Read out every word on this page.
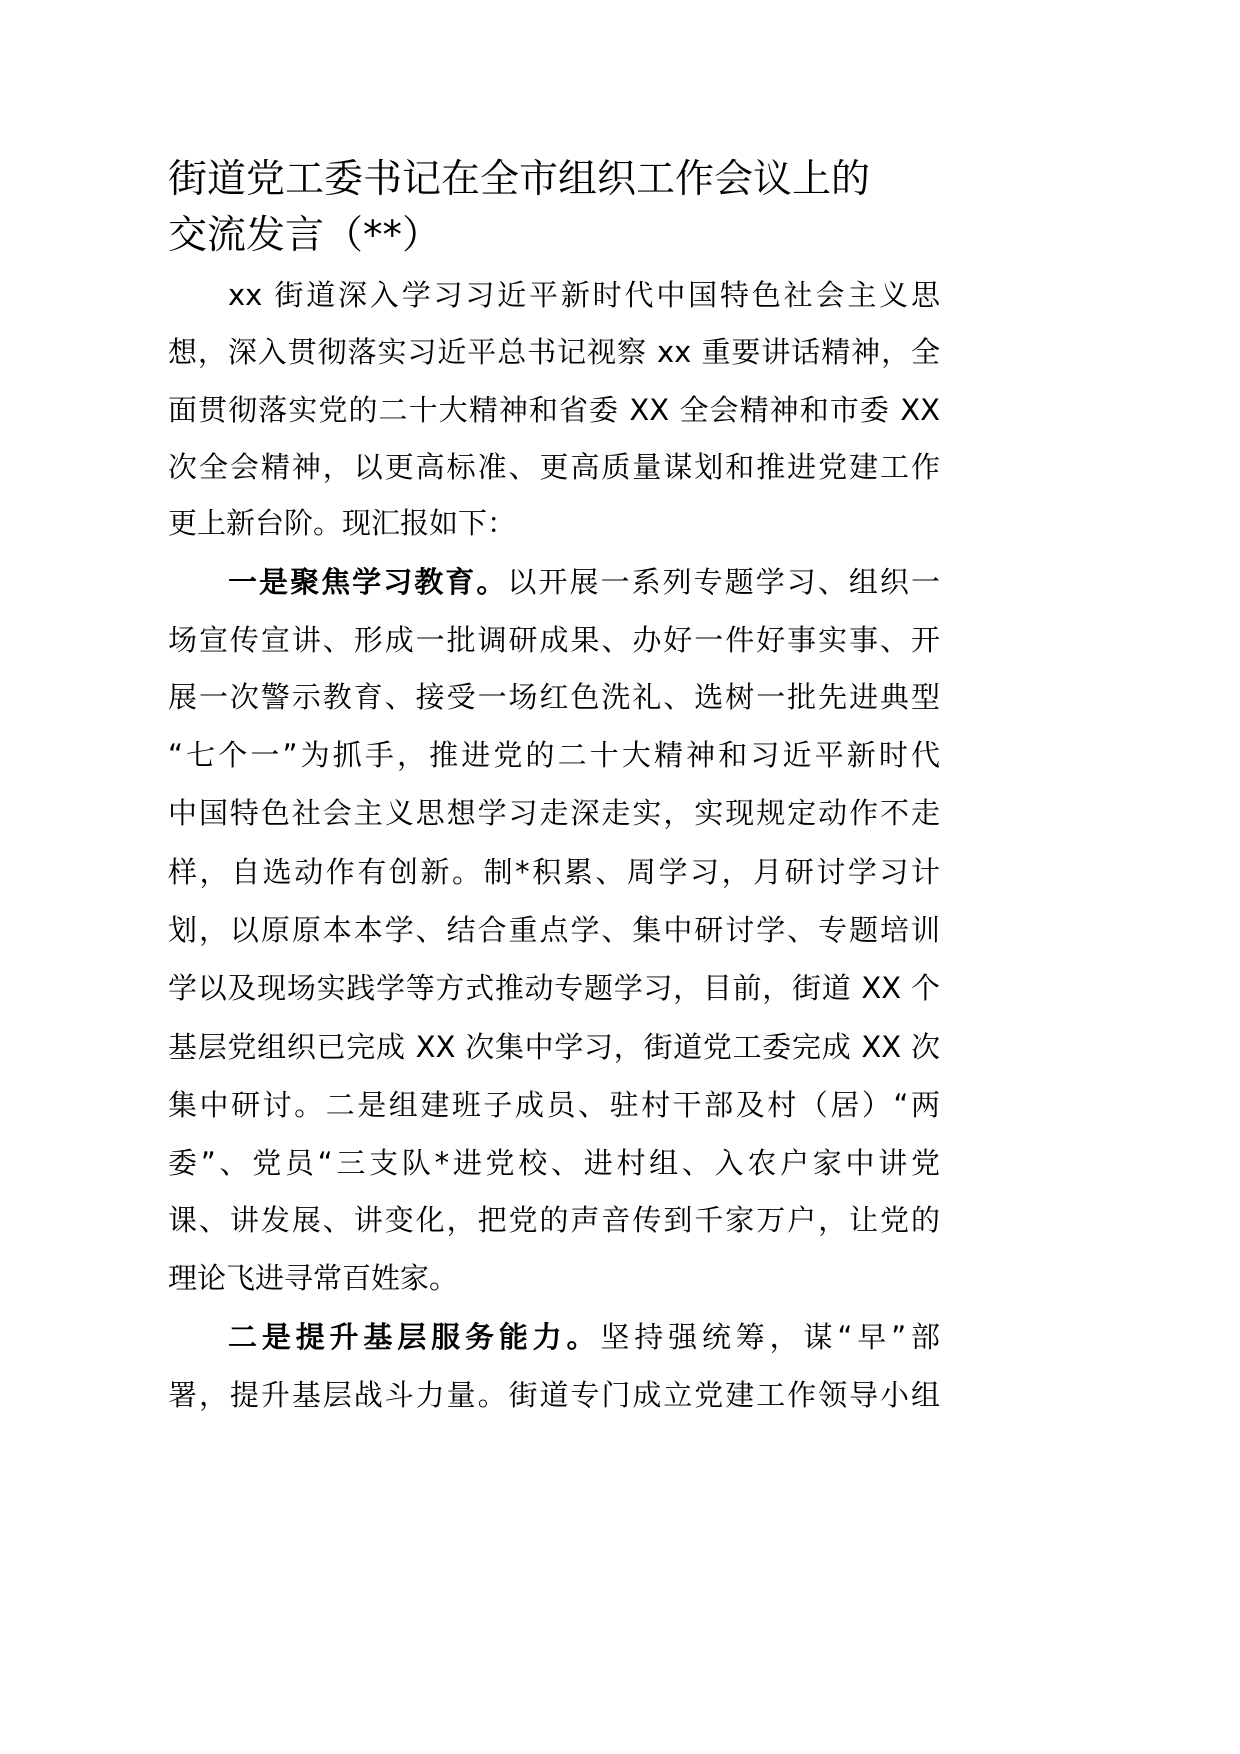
街道党工委书记在全市组织工作会议上的
交流发言（**）
xx 街道深入学习习近平新时代中国特色社会主义思
想，深入贯彻落实习近平总书记视察 xx 重要讲话精神，全
面贯彻落实党的二十大精神和省委 XX 全会精神和市委 XX
次全会精神，以更高标准、更高质量谋划和推进党建工作
更上新台阶。现汇报如下：
一是聚焦学习教育。以开展一系列专题学习、组织一
场宣传宣讲、形成一批调研成果、办好一件好事实事、开
展一次警示教育、接受一场红色洗礼、选树一批先进典型
“七个一”为抓手，推进党的二十大精神和习近平新时代
中国特色社会主义思想学习走深走实，实现规定动作不走
样，自选动作有创新。制*积累、周学习，月研讨学习计
划，以原原本本学、结合重点学、集中研讨学、专题培训
学以及现场实践学等方式推动专题学习，目前，街道 XX 个
基层党组织已完成 XX 次集中学习，街道党工委完成 XX 次
集中研讨。二是组建班子成员、驻村干部及村（居）“两
委”、党员“三支队*进党校、进村组、入农户家中讲党
课、讲发展、讲变化，把党的声音传到千家万户，让党的
理论飞进寻常百姓家。
二是提升基层服务能力。坚持强统筹，谋“早”部
署，提升基层战斗力量。街道专门成立党建工作领导小组
